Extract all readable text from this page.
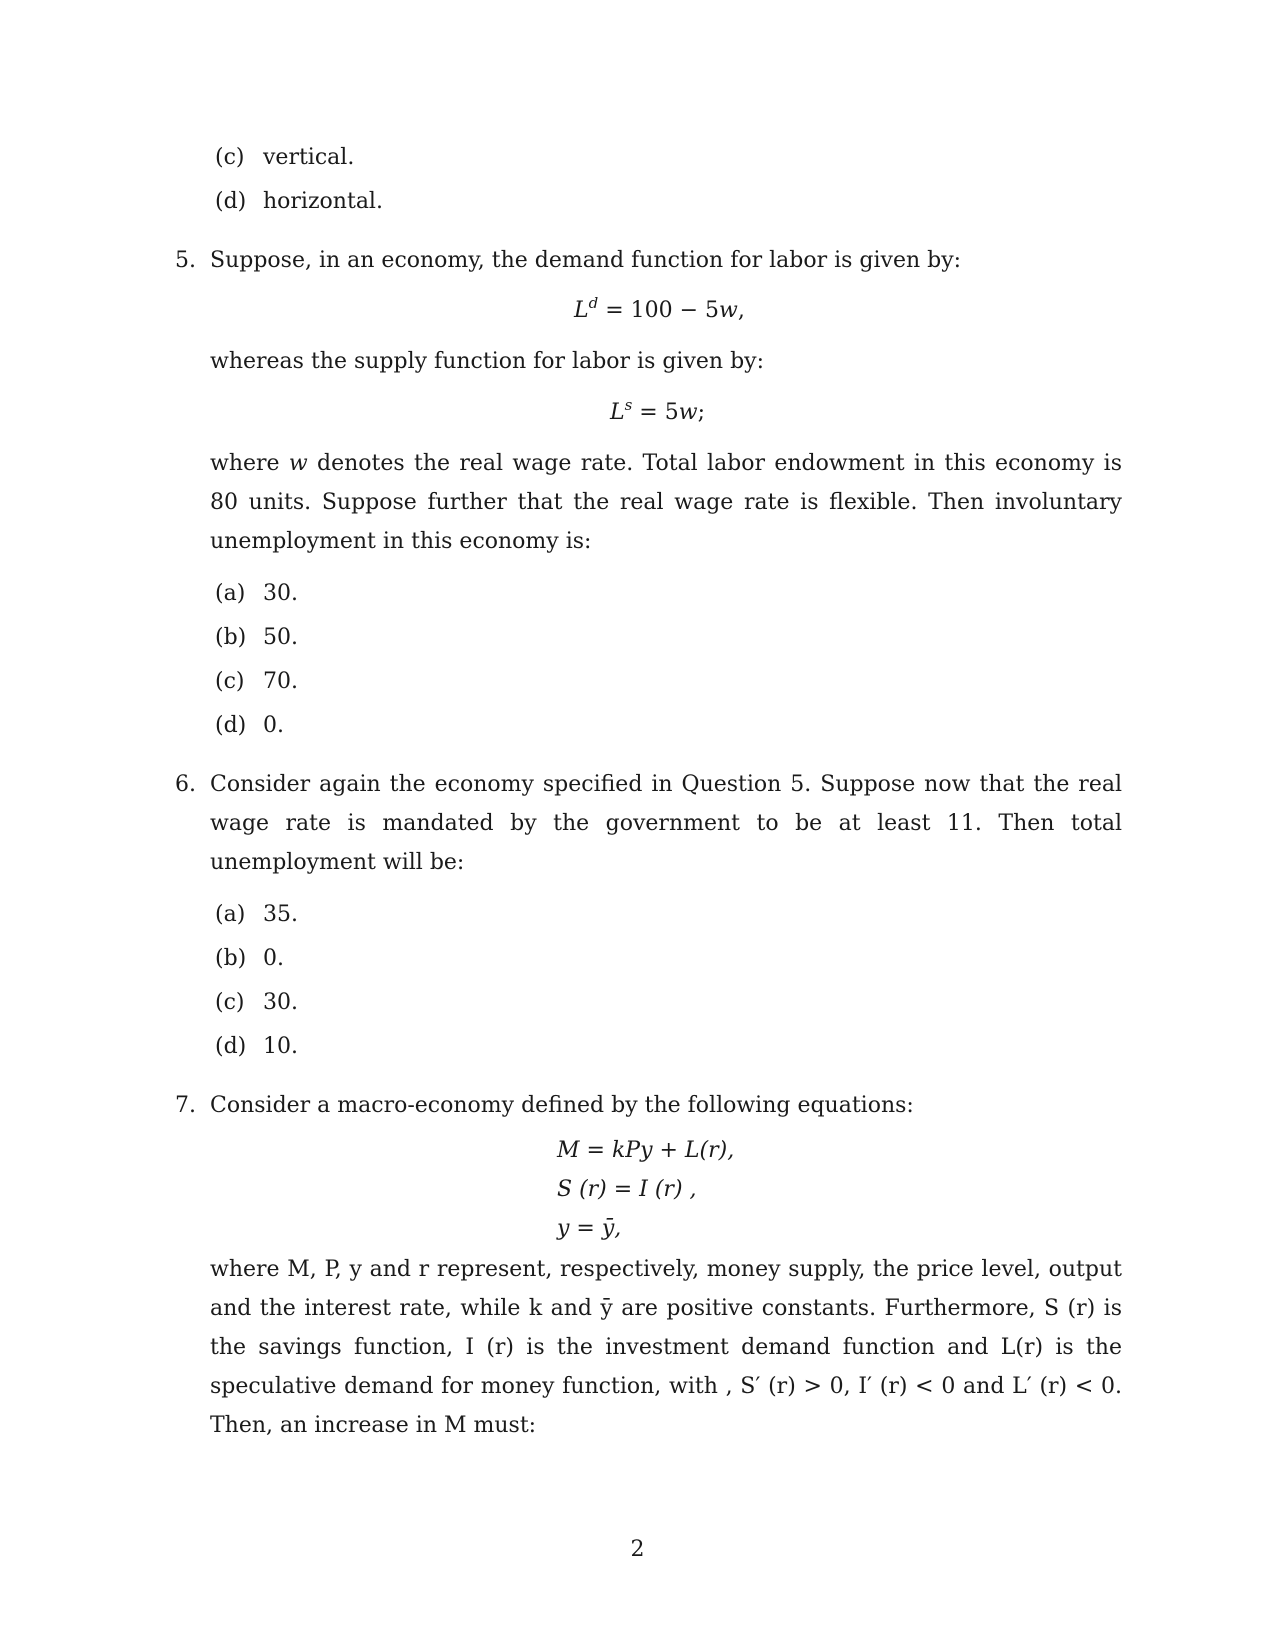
(c) vertical.
(d) horizontal.
5. Suppose, in an economy, the demand function for labor is given by:
$L^d = 100 - 5w$,
whereas the supply function for labor is given by:
$L^s = 5w$;
where w denotes the real wage rate. Total labor endowment in this economy is 80 units. Suppose further that the real wage rate is flexible. Then involuntary unemployment in this economy is:
(a) 30.
(b) 50.
(c) 70.
(d) 0.
6. Consider again the economy specified in Question 5. Suppose now that the real wage rate is mandated by the government to be at least 11. Then total unemployment will be:
(a) 35.
(b) 0.
(c) 30.
(d) 10.
7. Consider a macro-economy defined by the following equations:
M = kPy + L(r),
S (r) = I (r) ,
y = ȳ,
where M, P, y and r represent, respectively, money supply, the price level, output and the interest rate, while k and ȳ are positive constants. Furthermore, S (r) is the savings function, I (r) is the investment demand function and L(r) is the speculative demand for money function, with , S′ (r) > 0, I′ (r) < 0 and L′ (r) < 0. Then, an increase in M must:
2
